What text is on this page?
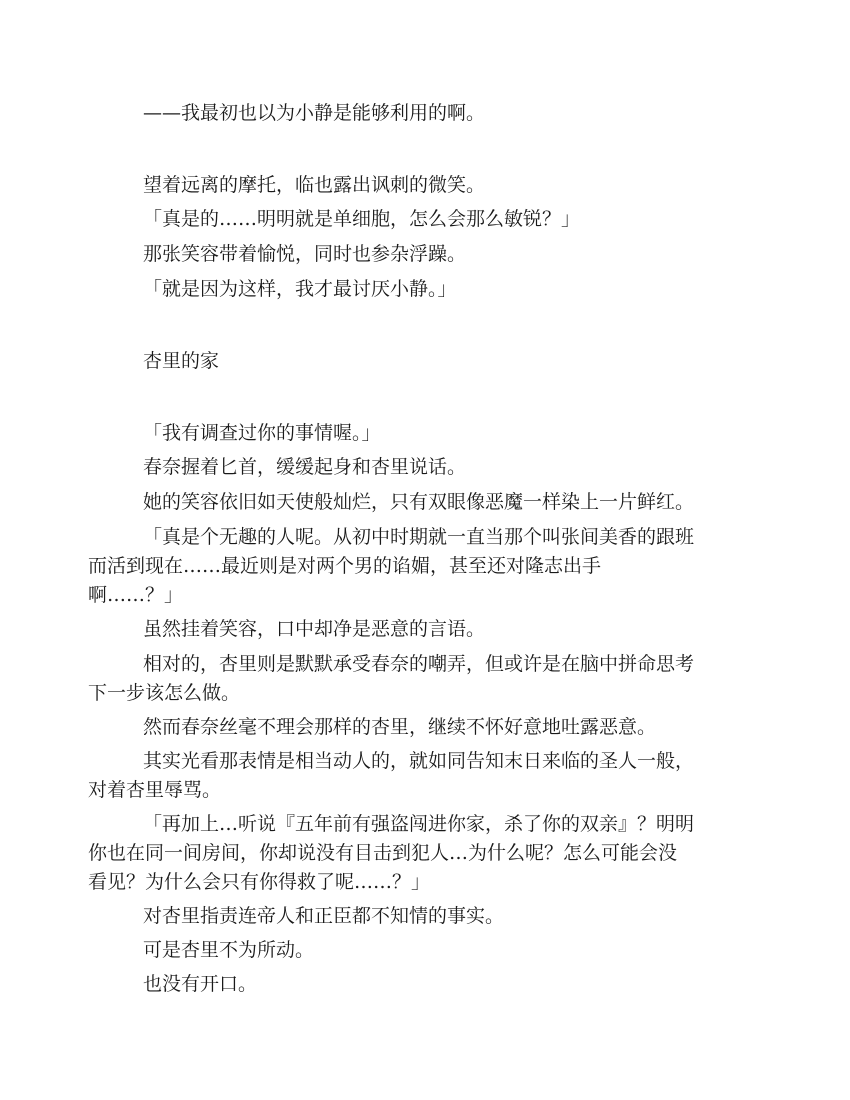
——我最初也以为小静是能够利用的啊。
望着远离的摩托，临也露出讽刺的微笑。
「真是的……明明就是单细胞，怎么会那么敏锐？」
那张笑容带着愉悦，同时也参杂浮躁。
「就是因为这样，我才最讨厌小静。」
杏里的家
「我有调查过你的事情喔。」
春奈握着匕首，缓缓起身和杏里说话。
她的笑容依旧如天使般灿烂，只有双眼像恶魔一样染上一片鲜红。
「真是个无趣的人呢。从初中时期就一直当那个叫张间美香的跟班
而活到现在……最近则是对两个男的谄媚，甚至还对隆志出手
啊……？」
虽然挂着笑容，口中却净是恶意的言语。
相对的，杏里则是默默承受春奈的嘲弄，但或许是在脑中拼命思考
下一步该怎么做。
然而春奈丝毫不理会那样的杏里，继续不怀好意地吐露恶意。
其实光看那表情是相当动人的，就如同告知末日来临的圣人一般，
对着杏里辱骂。
「再加上…听说『五年前有强盗闯进你家，杀了你的双亲』？明明
你也在同一间房间，你却说没有目击到犯人…为什么呢？怎么可能会没
看见？为什么会只有你得救了呢……？」
对杏里指责连帝人和正臣都不知情的事实。
可是杏里不为所动。
也没有开口。
